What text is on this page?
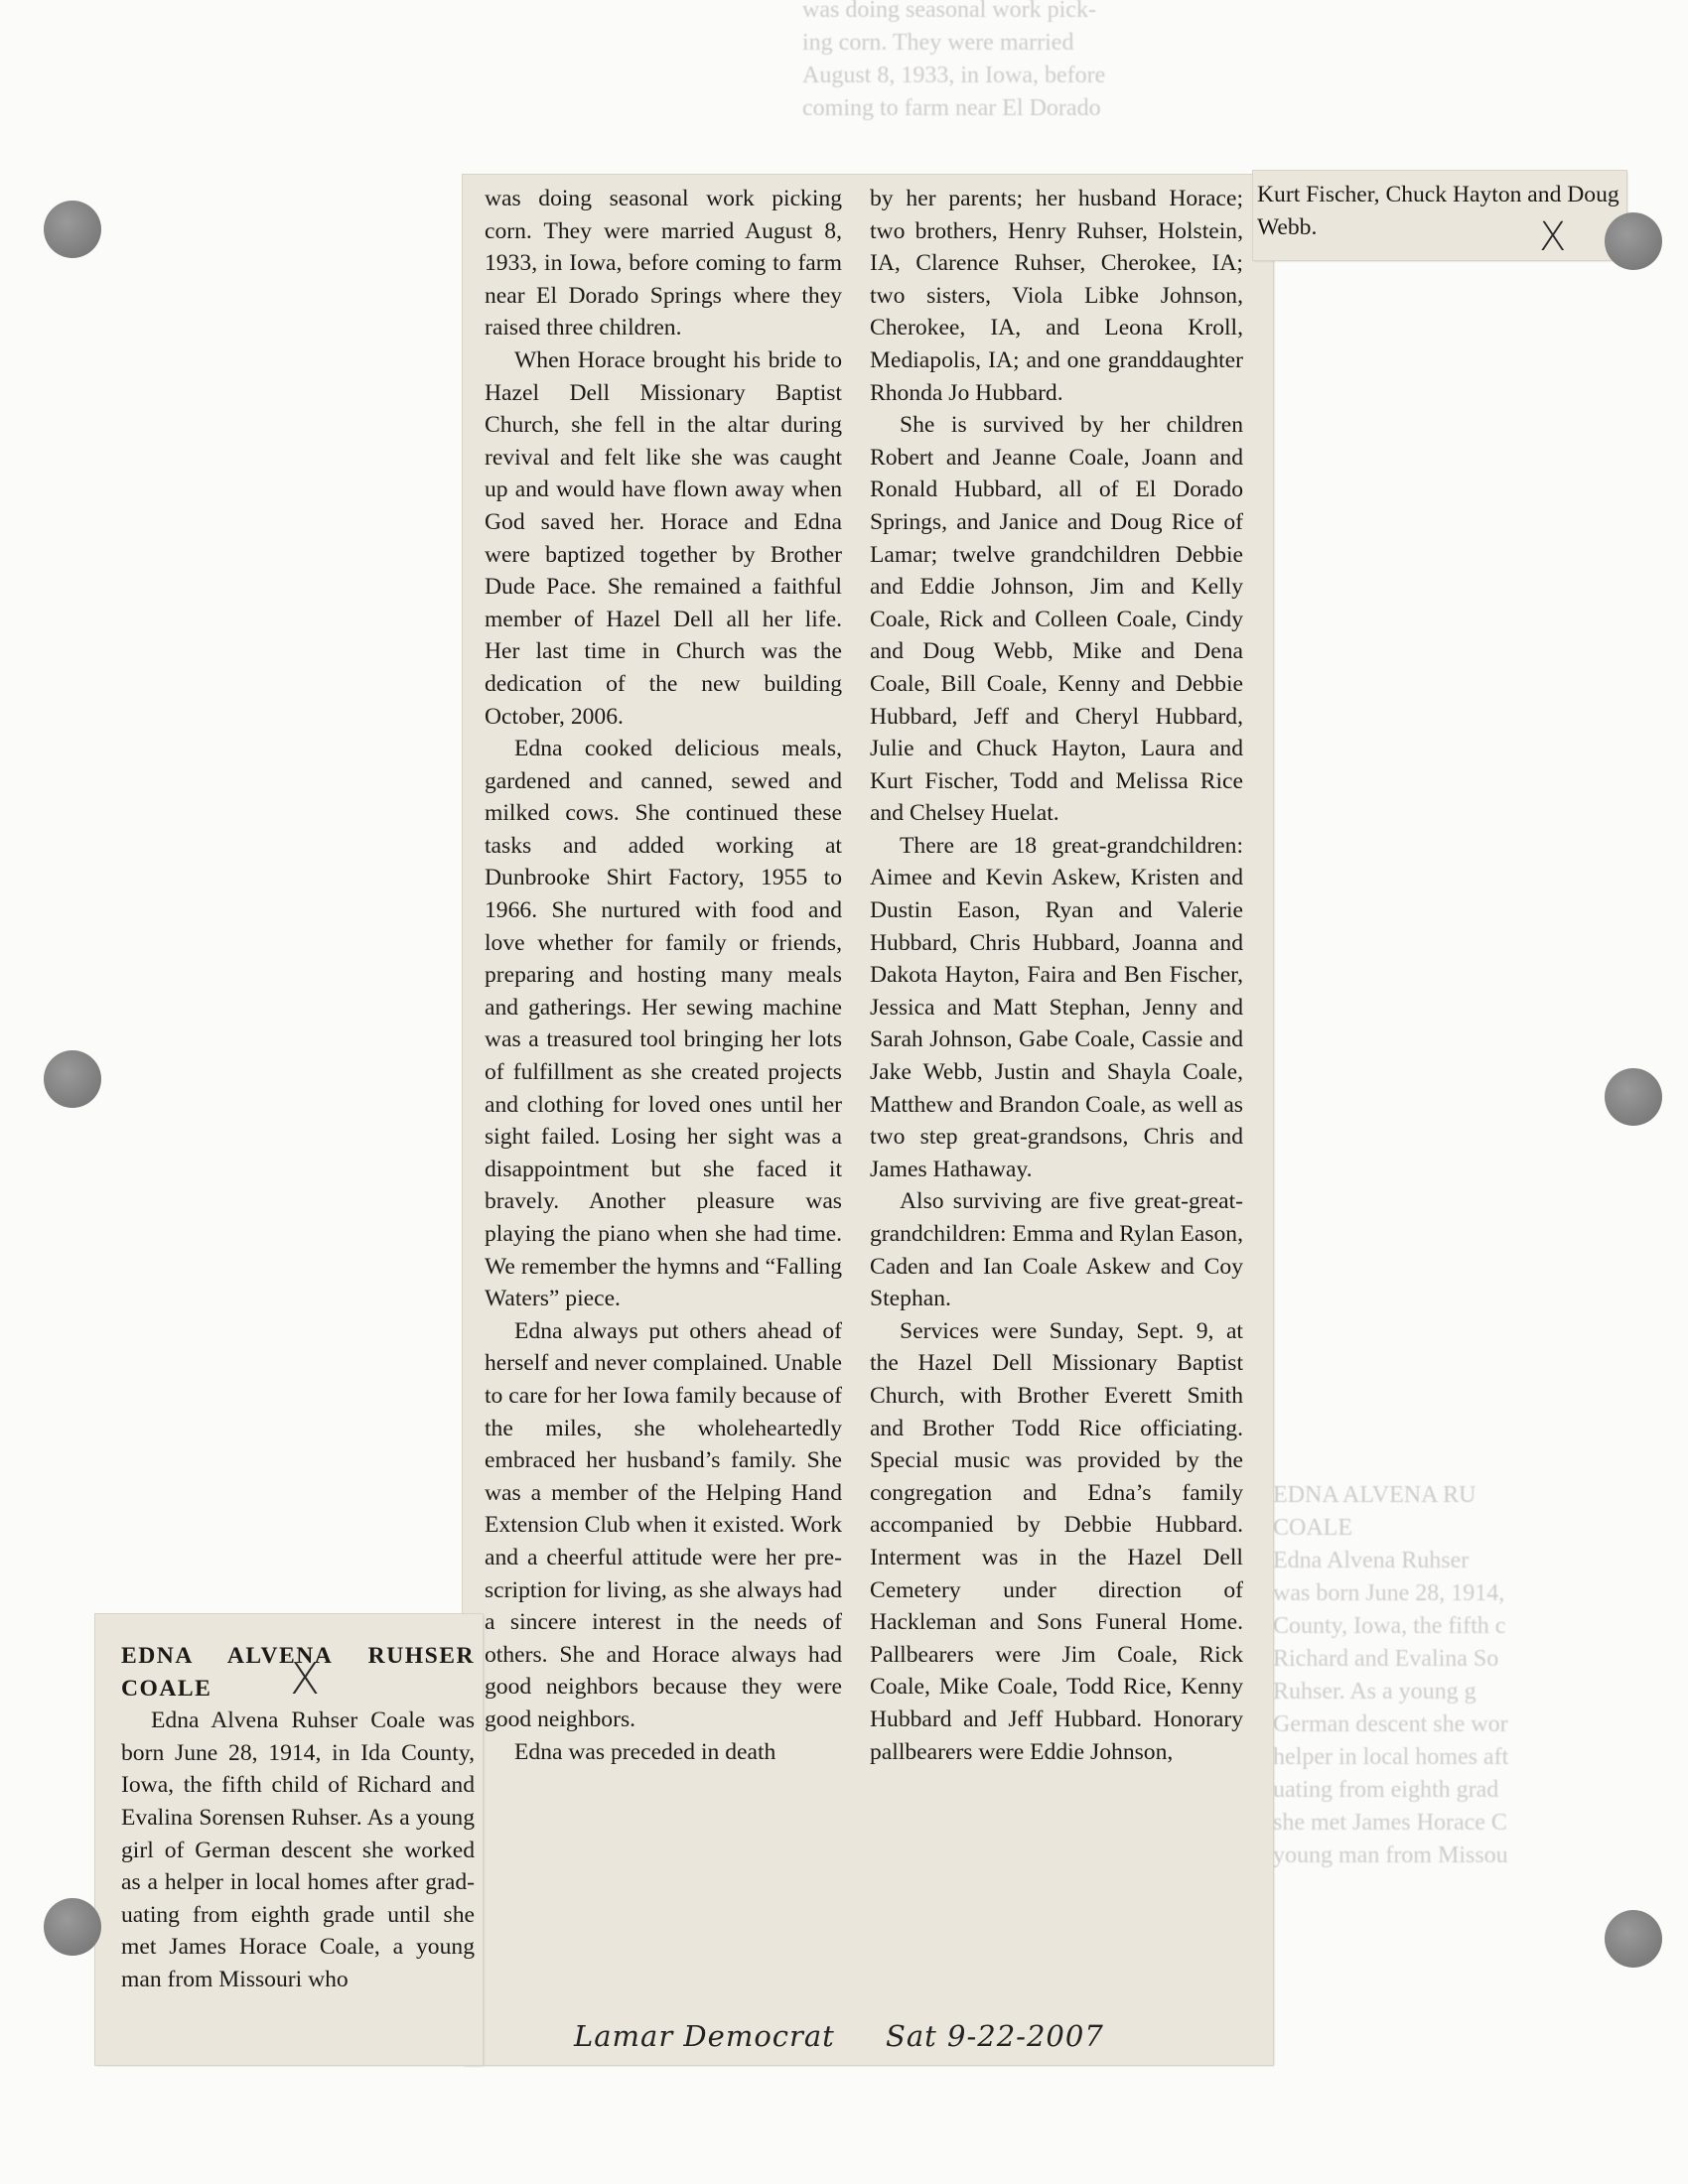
was doing seasonal work pick-
ing corn. They were married
August 8, 1933, in Iowa, before
coming to farm near El Dorado
EDNA ALVENA RU
COALE
Edna Alvena Ruhser
was born June 28, 1914,
County, Iowa, the fifth c
Richard and Evalina So
Ruhser. As a young g
German descent she wor
helper in local homes aft
uating from eighth grad
she met James Horace C
young man from Missou
EDNA ALVENA RUHSER COALE

Edna Alvena Ruhser Coale was born June 28, 1914, in Ida County, Iowa, the fifth child of Richard and Evalina Sorensen Ruhser. As a young girl of German descent she worked as a helper in local homes after graduating from eighth grade until she met James Horace Coale, a young man from Missouri who

was doing seasonal work picking corn. They were married August 8, 1933, in Iowa, before coming to farm near El Dorado Springs where they raised three children.

When Horace brought his bride to Hazel Dell Missionary Baptist Church, she fell in the altar during revival and felt like she was caught up and would have flown away when God saved her. Horace and Edna were baptized together by Brother Dude Pace. She remained a faithful member of Hazel Dell all her life. Her last time in Church was the dedication of the new building October, 2006.

Edna cooked delicious meals, gardened and canned, sewed and milked cows. She continued these tasks and added working at Dunbrooke Shirt Factory, 1955 to 1966. She nurtured with food and love whether for family or friends, preparing and hosting many meals and gatherings. Her sewing machine was a treasured tool bringing her lots of fulfillment as she created projects and clothing for loved ones until her sight failed. Losing her sight was a disappointment but she faced it bravely. Another pleasure was playing the piano when she had time. We remember the hymns and “Falling Waters” piece.

Edna always put others ahead of herself and never complained. Unable to care for her Iowa family because of the miles, she wholeheartedly embraced her husband’s family. She was a member of the Helping Hand Extension Club when it existed. Work and a cheerful attitude were her prescription for living, as she always had a sincere interest in the needs of others. She and Horace always had good neighbors because they were good neighbors.

Edna was preceded in death

by her parents; her husband Horace; two brothers, Henry Ruhser, Holstein, IA, Clarence Ruhser, Cherokee, IA; two sisters, Viola Libke Johnson, Cherokee, IA, and Leona Kroll, Mediapolis, IA; and one granddaughter Rhonda Jo Hubbard.

She is survived by her children Robert and Jeanne Coale, Joann and Ronald Hubbard, all of El Dorado Springs, and Janice and Doug Rice of Lamar; twelve grandchildren Debbie and Eddie Johnson, Jim and Kelly Coale, Rick and Colleen Coale, Cindy and Doug Webb, Mike and Dena Coale, Bill Coale, Kenny and Debbie Hubbard, Jeff and Cheryl Hubbard, Julie and Chuck Hayton, Laura and Kurt Fischer, Todd and Melissa Rice and Chelsey Huelat.

There are 18 great-grandchildren: Aimee and Kevin Askew, Kristen and Dustin Eason, Ryan and Valerie Hubbard, Chris Hubbard, Joanna and Dakota Hayton, Faira and Ben Fischer, Jessica and Matt Stephan, Jenny and Sarah Johnson, Gabe Coale, Cassie and Jake Webb, Justin and Shayla Coale, Matthew and Brandon Coale, as well as two step great-grandsons, Chris and James Hathaway.

Also surviving are five great-great-grandchildren: Emma and Rylan Eason, Caden and Ian Coale Askew and Coy Stephan.

Services were Sunday, Sept. 9, at the Hazel Dell Missionary Baptist Church, with Brother Everett Smith and Brother Todd Rice officiating. Special music was provided by the congregation and Edna’s family accompanied by Debbie Hubbard. Interment was in the Hazel Dell Cemetery under direction of Hackleman and Sons Funeral Home. Pallbearers were Jim Coale, Rick Coale, Mike Coale, Todd Rice, Kenny Hubbard and Jeff Hubbard. Honorary pallbearers were Eddie Johnson,

Kurt Fischer, Chuck Hayton and Doug Webb.	X
X
Lamar Democrat Sat 9-22-2007
